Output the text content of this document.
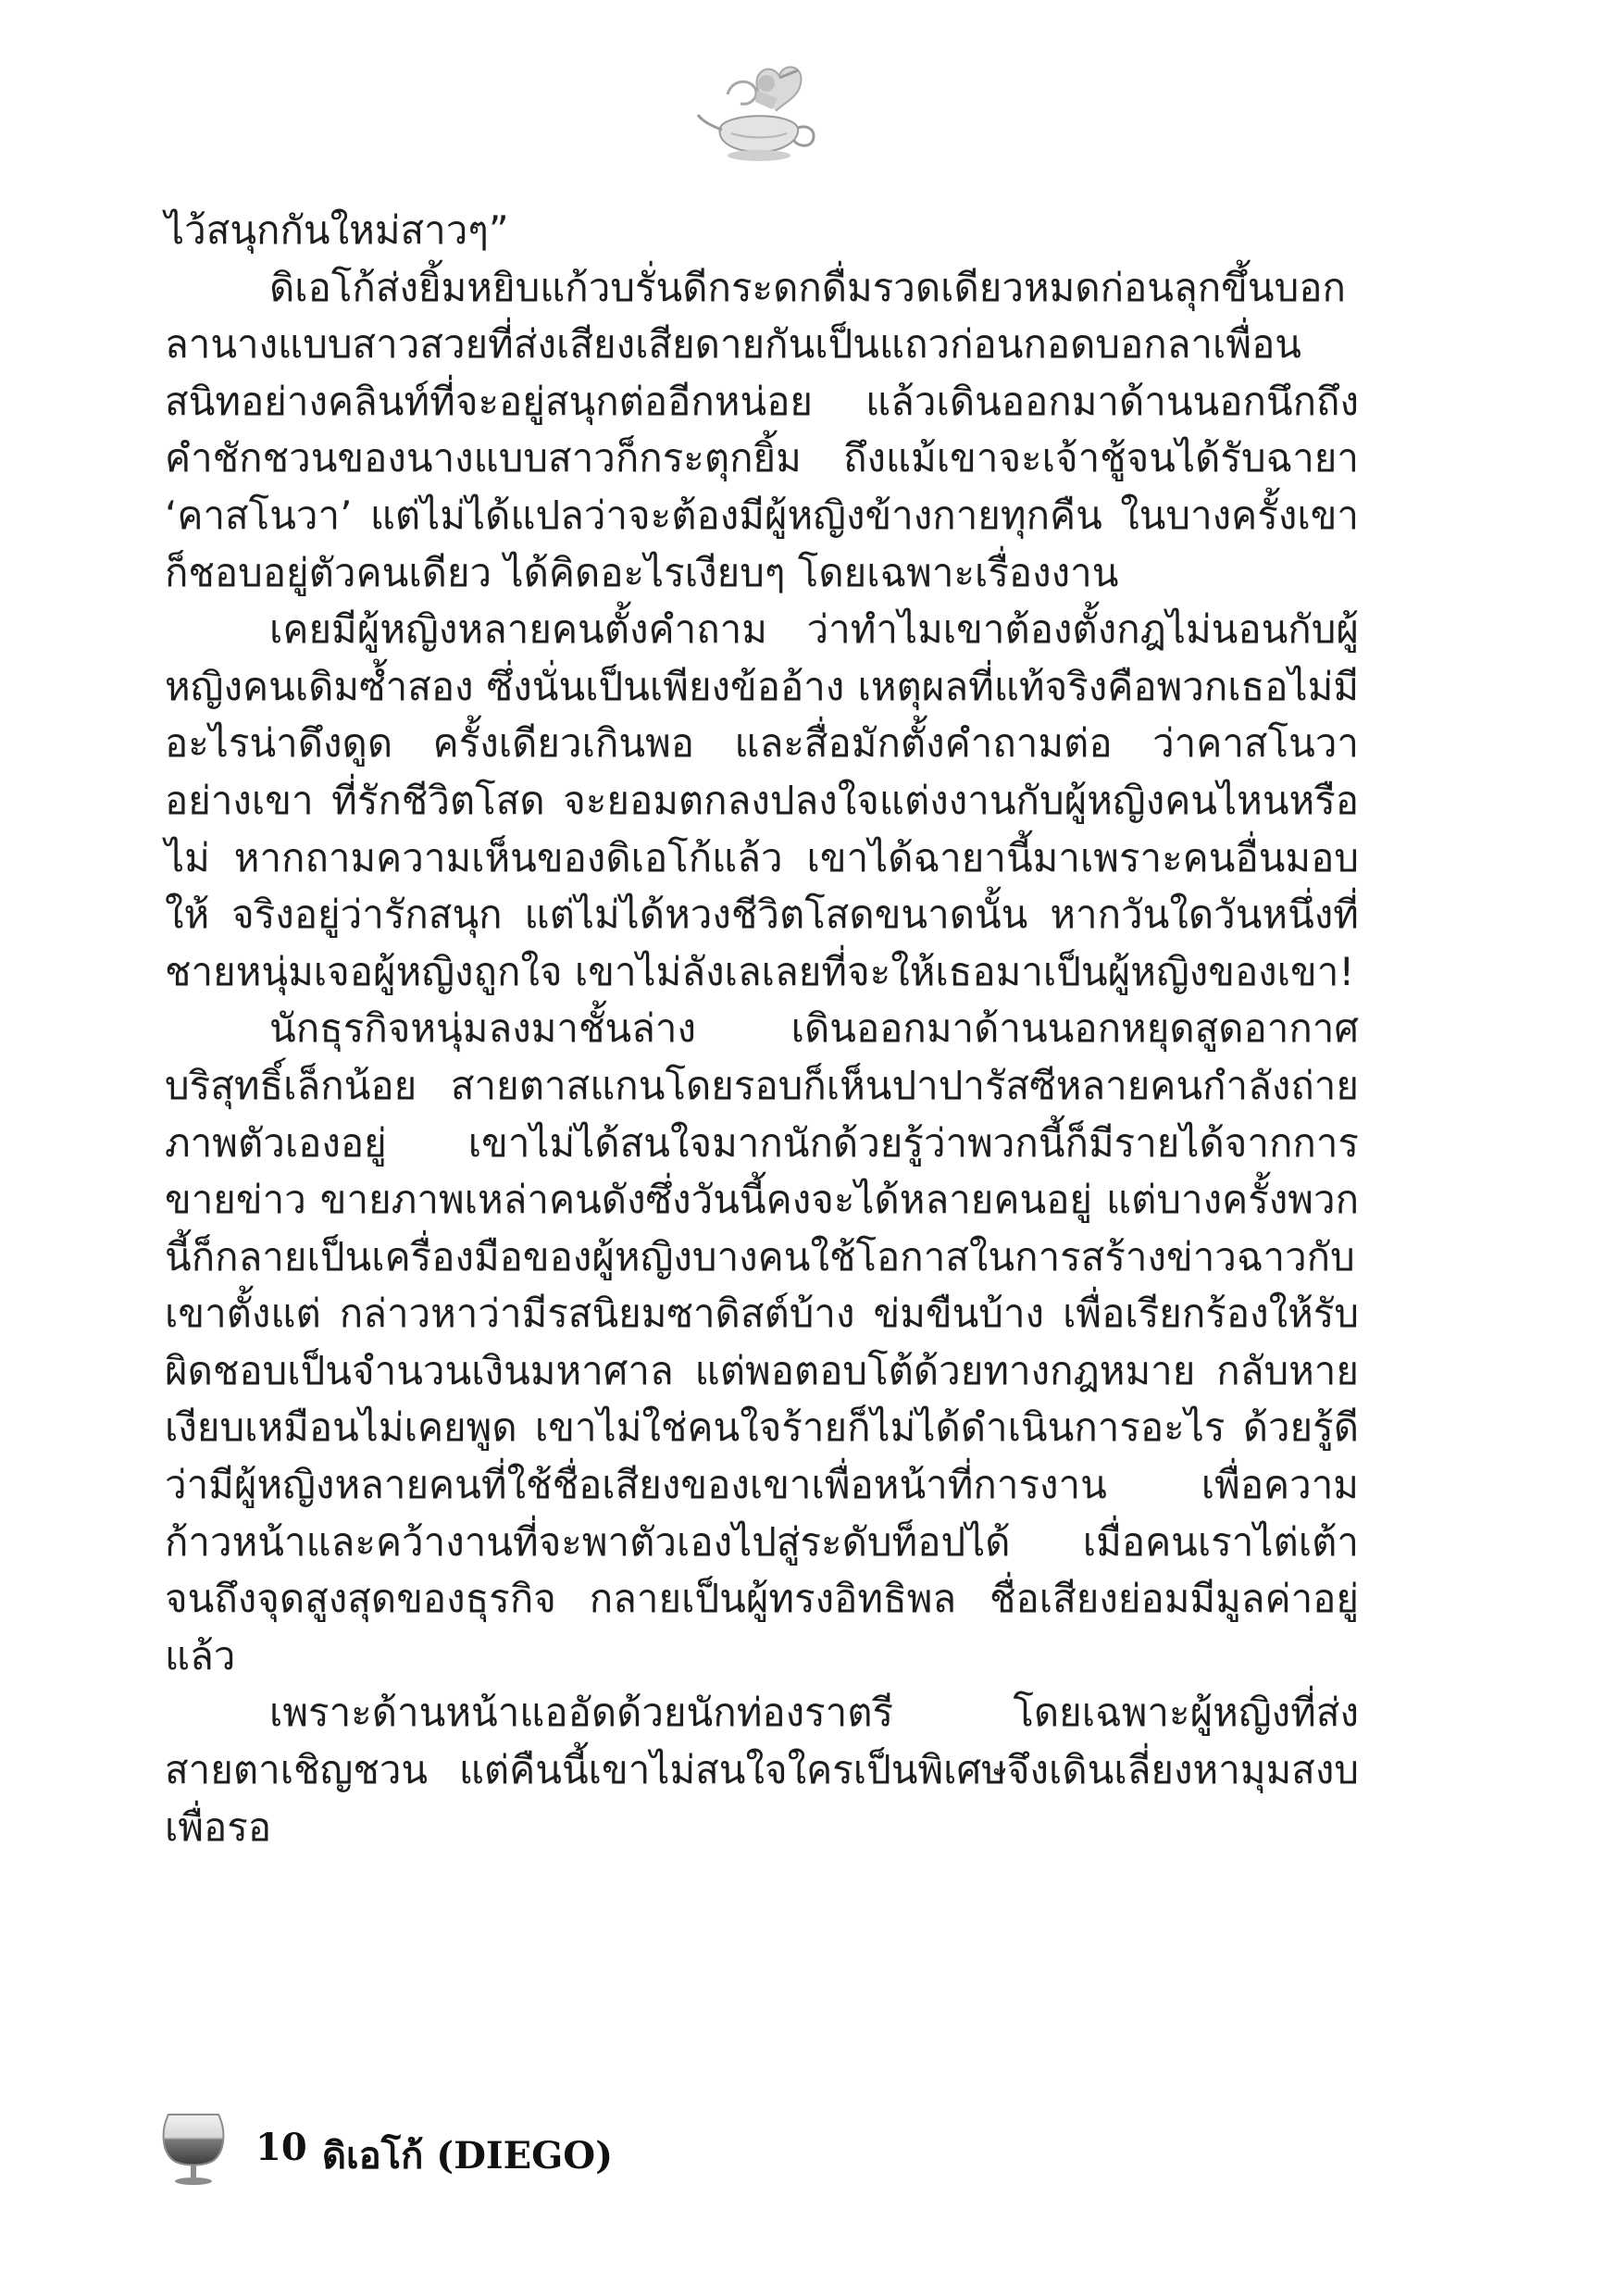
ไว้สนุกกันใหม่สาวๆ”

ดิเอโก้ส่งยิ้มหยิบแก้วบรั่นดีกระดกดื่มรวดเดียวหมดก่อนลุกขึ้นบอกลานางแบบสาวสวยที่ส่งเสียงเสียดายกันเป็นแถวก่อนกอดบอกลาเพื่อนสนิทอย่างคลินท์ที่จะอยู่สนุกต่ออีกหน่อย แล้วเดินออกมาด้านนอกนึกถึงคำชักชวนของนางแบบสาวก็กระตุกยิ้ม ถึงแม้เขาจะเจ้าชู้จนได้รับฉายา ‘คาสโนวา’ แต่ไม่ได้แปลว่าจะต้องมีผู้หญิงข้างกายทุกคืน ในบางครั้งเขาก็ชอบอยู่ตัวคนเดียว ได้คิดอะไรเงียบๆ โดยเฉพาะเรื่องงาน

เคยมีผู้หญิงหลายคนตั้งคำถาม ว่าทำไมเขาต้องตั้งกฎไม่นอนกับผู้หญิงคนเดิมซ้ำสอง ซึ่งนั่นเป็นเพียงข้ออ้าง เหตุผลที่แท้จริงคือพวกเธอไม่มีอะไรน่าดึงดูด ครั้งเดียวเกินพอ และสื่อมักตั้งคำถามต่อ ว่าคาสโนวาอย่างเขา ที่รักชีวิตโสด จะยอมตกลงปลงใจแต่งงานกับผู้หญิงคนไหนหรือไม่ หากถามความเห็นของดิเอโก้แล้ว เขาได้ฉายานี้มาเพราะคนอื่นมอบให้ จริงอยู่ว่ารักสนุก แต่ไม่ได้หวงชีวิตโสดขนาดนั้น หากวันใดวันหนึ่งที่ชายหนุ่มเจอผู้หญิงถูกใจ เขาไม่ลังเลเลยที่จะให้เธอมาเป็นผู้หญิงของเขา!

นักธุรกิจหนุ่มลงมาชั้นล่าง เดินออกมาด้านนอกหยุดสูดอากาศบริสุทธิ์เล็กน้อย สายตาสแกนโดยรอบก็เห็นปาปารัสซีหลายคนกำลังถ่ายภาพตัวเองอยู่ เขาไม่ได้สนใจมากนักด้วยรู้ว่าพวกนี้ก็มีรายได้จากการขายข่าว ขายภาพเหล่าคนดังซึ่งวันนี้คงจะได้หลายคนอยู่ แต่บางครั้งพวกนี้ก็กลายเป็นเครื่องมือของผู้หญิงบางคนใช้โอกาสในการสร้างข่าวฉาวกับเขาตั้งแต่ กล่าวหาว่ามีรสนิยมซาดิสต์บ้าง ข่มขืนบ้าง เพื่อเรียกร้องให้รับผิดชอบเป็นจำนวนเงินมหาศาล แต่พอตอบโต้ด้วยทางกฎหมาย กลับหายเงียบเหมือนไม่เคยพูด เขาไม่ใช่คนใจร้ายก็ไม่ได้ดำเนินการอะไร ด้วยรู้ดีว่ามีผู้หญิงหลายคนที่ใช้ชื่อเสียงของเขาเพื่อหน้าที่การงาน เพื่อความก้าวหน้าและคว้างานที่จะพาตัวเองไปสู่ระดับท็อปได้ เมื่อคนเราไต่เต้าจนถึงจุดสูงสุดของธุรกิจ กลายเป็นผู้ทรงอิทธิพล ชื่อเสียงย่อมมีมูลค่าอยู่แล้ว

เพราะด้านหน้าแออัดด้วยนักท่องราตรี โดยเฉพาะผู้หญิงที่ส่งสายตาเชิญชวน แต่คืนนี้เขาไม่สนใจใครเป็นพิเศษจึงเดินเลี่ยงหามุมสงบเพื่อรอ

10 ดิเอโก้ (DIEGO)
